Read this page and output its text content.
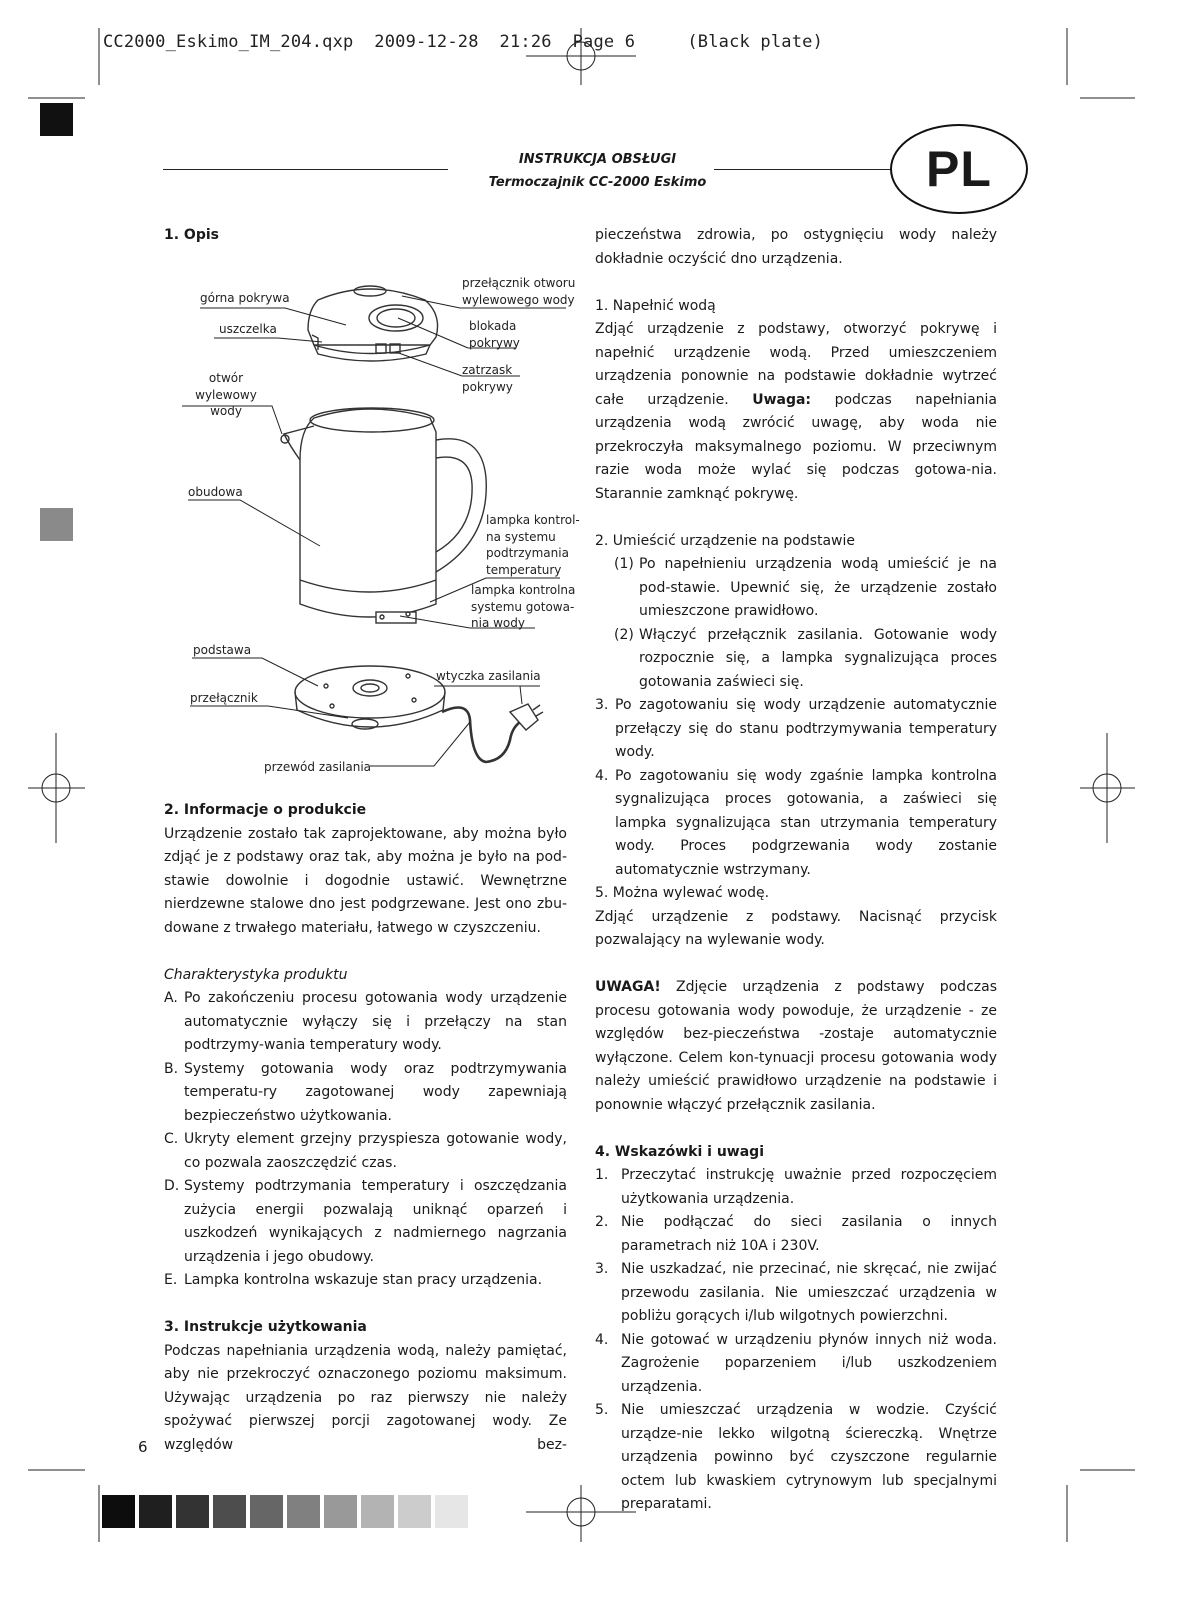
CC2000_Eskimo_IM_204.qxp  2009-12-28  21:26  Page 6     (Black plate)
INSTRUKCJA OBSŁUGI
Termoczajnik CC-2000 Eskimo	PL
1. Opis
górna pokrywa
uszczelka
otwór wylewowy
wody
obudowa
przełącznik otworu
wylewowego wody
blokada
pokrywy
zatrzask
pokrywy
lampka kontrol-
na systemu
podtrzymania
temperatury
lampka kontrolna
systemu gotowa-
nia wody
podstawa
przełącznik
wtyczka zasilania
przewód zasilania
2. Informacje o produkcie
Urządzenie zostało tak zaprojektowane, aby można było
zdjąć je z podstawy oraz tak, aby można je było na pod-
stawie dowolnie i dogodnie ustawić. Wewnętrzne
nierdzewne stalowe dno jest podgrzewane. Jest ono zbu-
dowane z trwałego materiału, łatwego w czyszczeniu.

Charakterystyka produktu

A. Po zakończeniu procesu gotowania wody urządzenie automatycznie wyłączy się i przełączy na stan podtrzymy-wania temperatury wody.
B. Systemy gotowania wody oraz podtrzymywania temperatu-ry zagotowanej wody zapewniają bezpieczeństwo użytkowania.
C. Ukryty element grzejny przyspiesza gotowanie wody, co pozwala zaoszczędzić czas.
D. Systemy podtrzymania temperatury i oszczędzania zużycia energii pozwalają uniknąć oparzeń i uszkodzeń wynikających z nadmiernego nagrzania urządzenia i jego obudowy.
E. Lampka kontrolna wskazuje stan pracy urządzenia.
3. Instrukcje użytkowania

Podczas napełniania urządzenia wodą, należy pamiętać, aby nie przekroczyć oznaczonego poziomu maksimum. Używając urządzenia po raz pierwszy nie należy spożywać pierwszej porcji zagotowanej wody. Ze względów bez-

pieczeństwa zdrowia, po ostygnięciu wody należy dokładnie oczyścić dno urządzenia.

1. Napełnić wodą

Zdjąć urządzenie z podstawy, otworzyć pokrywę i napełnić urządzenie wodą. Przed umieszczeniem urządzenia ponownie na podstawie dokładnie wytrzeć całe urządzenie. Uwaga: podczas napełniania urządzenia wodą zwrócić uwagę, aby woda nie przekroczyła maksymalnego poziomu. W przeciwnym razie woda może wylać się podczas gotowa-nia. Starannie zamknąć pokrywę.

2. Umieścić urządzenie na podstawie

(1) Po napełnieniu urządzenia wodą umieścić je na pod-stawie. Upewnić się, że urządzenie zostało umieszczone prawidłowo.
(2) Włączyć przełącznik zasilania. Gotowanie wody rozpocznie się, a lampka sygnalizująca proces gotowania zaświeci się.
3. Po zagotowaniu się wody urządzenie automatycznie przełączy się do stanu podtrzymywania temperatury wody.
4. Po zagotowaniu się wody zgaśnie lampka kontrolna sygnalizująca proces gotowania, a zaświeci się lampka sygnalizująca stan utrzymania temperatury wody. Proces podgrzewania wody zostanie automatycznie wstrzymany.

5. Można wylewać wodę.

Zdjąć urządzenie z podstawy. Nacisnąć przycisk pozwalający na wylewanie wody.

UWAGA! Zdjęcie urządzenia z podstawy podczas procesu gotowania wody powoduje, że urządzenie - ze względów bez-pieczeństwa -zostaje automatycznie wyłączone. Celem kon-tynuacji procesu gotowania wody należy umieścić prawidłowo urządzenie na podstawie i ponownie włączyć przełącznik zasilania.

4. Wskazówki i uwagi
1. Przeczytać instrukcję uważnie przed rozpoczęciem użytkowania urządzenia.
2. Nie podłączać do sieci zasilania o innych parametrach niż 10A i 230V.
3. Nie uszkadzać, nie przecinać, nie skręcać, nie zwijać przewodu zasilania. Nie umieszczać urządzenia w pobliżu gorących i/lub wilgotnych powierzchni.
4. Nie gotować w urządzeniu płynów innych niż woda. Zagrożenie poparzeniem i/lub uszkodzeniem urządzenia.
5. Nie umieszczać urządzenia w wodzie. Czyścić urządze-nie lekko wilgotną ściereczką. Wnętrze urządzenia powinno być czyszczone regularnie octem lub kwaskiem cytrynowym lub specjalnymi preparatami.
6
